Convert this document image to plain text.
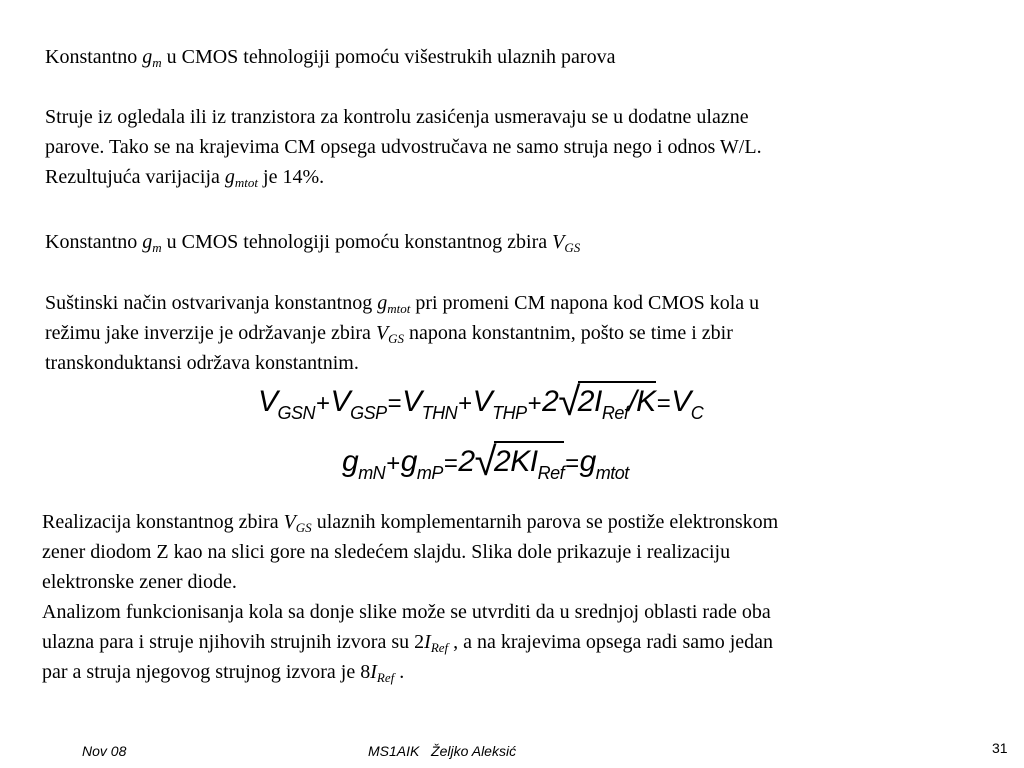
Konstantno $g_m$ u CMOS tehnologiji pomoću višestrukih ulaznih parova
Struje iz ogledala ili iz tranzistora za kontrolu zasićenja usmeravaju se u dodatne ulazne
parove. Tako se na krajevima CM opsega udvostručava ne samo struja nego i odnos W/L.
Rezultujuća varijacija $g_{mtot}$ je 14%.
Konstantno $g_m$ u CMOS tehnologiji pomoću konstantnog zbira $V_{GS}$
Suštinski način ostvarivanja konstantnog $g_{mtot}$ pri promeni CM napona kod CMOS kola u
režimu jake inverzije je održavanje zbira $V_{GS}$ napona konstantnim, pošto se time i zbir
transkonduktansi održava konstantnim.
$V_{GSN}+V_{GSP}=V_{THN}+V_{THP}+2√2I_{Ref}/K=V_C$
$g_{mN}+g_{mP}=2√2KI_{Ref}=g_{mtot}$
Realizacija konstantnog zbira $V_{GS}$ ulaznih komplementarnih parova se postiže elektronskom
zener diodom Z kao na slici gore na sledećem slajdu. Slika dole prikazuje i realizaciju
elektronske zener diode.
Analizom funkcionisanja kola sa donje slike može se utvrditi da u srednjoj oblasti rade oba
ulazna para i struje njihovih strujnih izvora su $2I_{Ref}$ , a na krajevima opsega radi samo jedan
par a struja njegovog strujnog izvora je $8I_{Ref}$ .
Nov 08	MS1AIK   Željko Aleksić	31
